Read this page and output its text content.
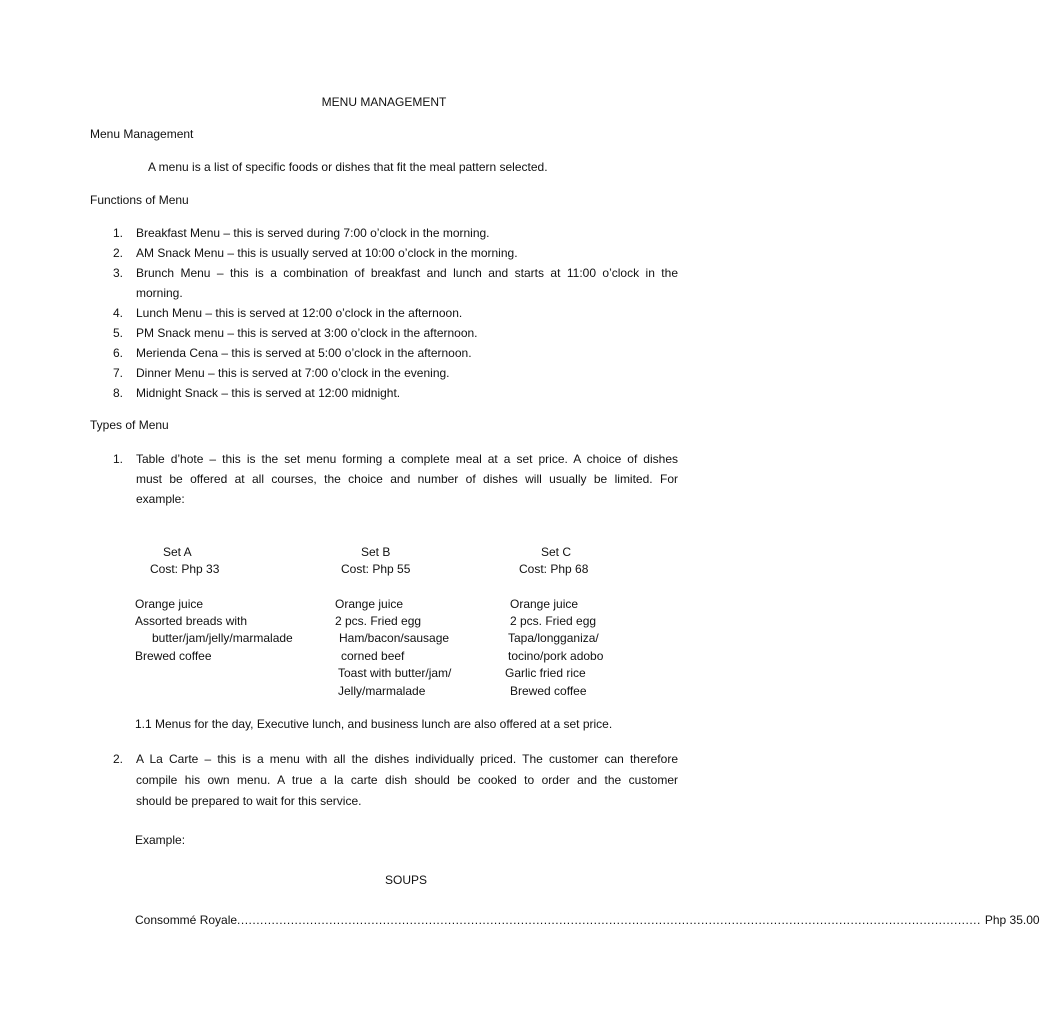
MENU MANAGEMENT
Menu Management
A menu is a list of specific foods or dishes that fit the meal pattern selected.
Functions of Menu
1. Breakfast Menu – this is served during 7:00 o’clock in the morning.
2. AM Snack Menu – this is usually served at 10:00 o’clock in the morning.
3. Brunch Menu – this is a combination of breakfast and lunch and starts at 11:00 o’clock in the
morning.
4. Lunch Menu – this is served at 12:00 o’clock in the afternoon.
5. PM Snack menu – this is served at 3:00 o’clock in the afternoon.
6. Merienda Cena – this is served at 5:00 o’clock in the afternoon.
7. Dinner Menu – this is served at 7:00 o’clock in the evening.
8. Midnight Snack – this is served at 12:00 midnight.
Types of Menu
1. Table d’hote – this is the set menu forming a complete meal at a set price. A choice of dishes
must be offered at all courses, the choice and number of dishes will usually be limited. For
example:
Set A
Cost: Php 33
Orange juice
Assorted breads with
butter/jam/jelly/marmalade
Brewed coffee
Set B
Cost: Php 55
Orange juice
2 pcs. Fried egg
Ham/bacon/sausage
corned beef
Toast with butter/jam/
Jelly/marmalade
Set C
Cost: Php 68
Orange juice
2 pcs. Fried egg
Tapa/longganiza/
tocino/pork adobo
Garlic fried rice
Brewed coffee
1.1 Menus for the day, Executive lunch, and business lunch are also offered at a set price.
2. A La Carte – this is a menu with all the dishes individually priced. The customer can therefore
compile his own menu. A true a la carte dish should be cooked to order and the customer
should be prepared to wait for this service.
Example:
SOUPS
Consommé Royale .................................................................................................................................................................................................. Php 35.00
